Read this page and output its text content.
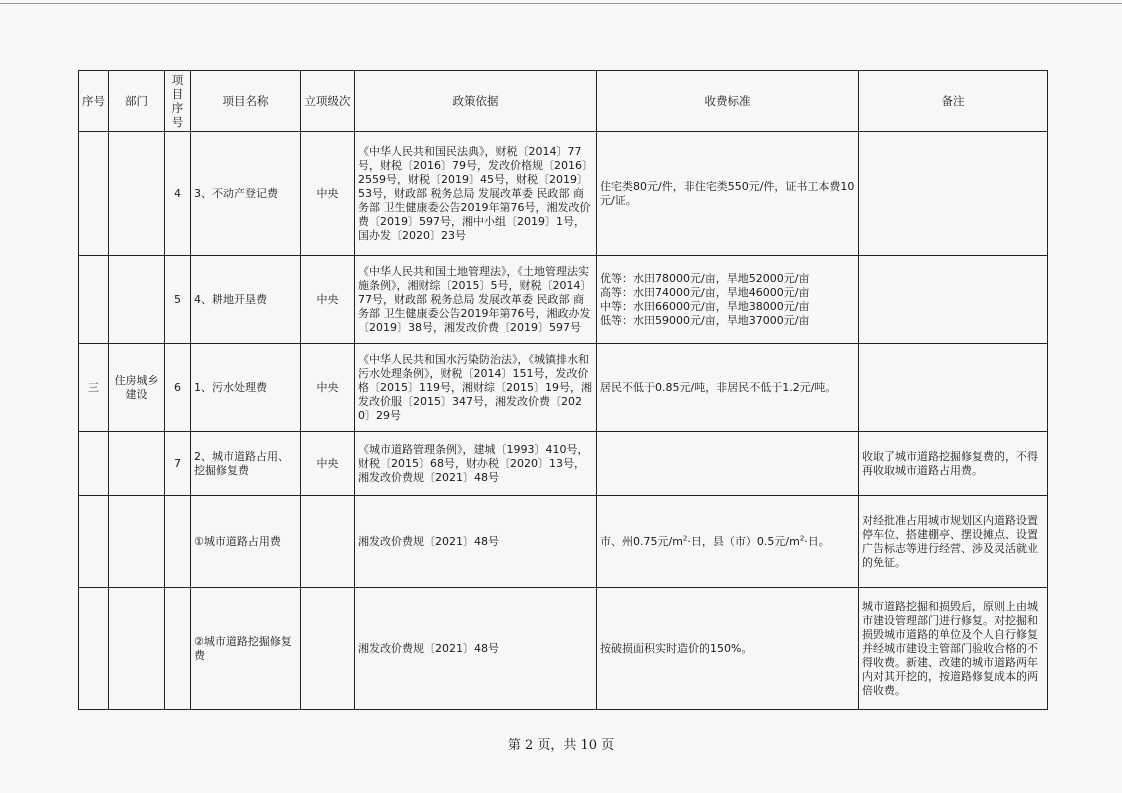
序号	部门	项目序号	项目名称	立项级次	政策依据	收费标准	备注
		4	3、不动产登记费	中央	《中华人民共和国民法典》，财税〔2014〕77号，财税〔2016〕79号，发改价格规〔2016〕2559号，财税〔2019〕45号，财税〔2019〕53号，财政部 税务总局 发展改革委 民政部 商务部 卫生健康委公告2019年第76号，湘发改价费〔2019〕597号，湘中小组〔2019〕1号，国办发〔2020〕23号	住宅类80元/件，非住宅类550元/件，证书工本费10元/证。	
		5	4、耕地开垦费	中央	《中华人民共和国土地管理法》，《土地管理法实施条例》，湘财综〔2015〕5号，财税〔2014〕77号，财政部 税务总局 发展改革委 民政部 商务部 卫生健康委公告2019年第76号，湘政办发〔2019〕38号，湘发改价费〔2019〕597号	优等：水田78000元/亩，旱地52000元/亩
高等：水田74000元/亩，旱地46000元/亩
中等：水田66000元/亩，旱地38000元/亩
低等：水田59000元/亩，旱地37000元/亩	

三	住房城乡建设	6	1、污水处理费	中央	《中华人民共和国水污染防治法》，《城镇排水和污水处理条例》，财税〔2014〕151号，发改价格〔2015〕119号，湘财综〔2015〕19号，湘发改价服〔2015〕347号，湘发改价费〔2020〕29号	居民不低于0.85元/吨，非居民不低于1.2元/吨。	
		7	2、城市道路占用、挖掘修复费	中央	《城市道路管理条例》，建城〔1993〕410号，财税〔2015〕68号，财办税〔2020〕13号，湘发改价费规〔2021〕48号		收取了城市道路挖掘修复费的，不得再收取城市道路占用费。
			①城市道路占用费		湘发改价费规〔2021〕48号	市、州0.75元$/m^2\cdot$日，县（市）0.5元$/m^2\cdot$日。	对经批准占用城市规划区内道路设置停车位、搭建棚亭、摆设摊点、设置广告标志等进行经营、涉及灵活就业的免征。
			②城市道路挖掘修复费		湘发改价费规〔2021〕48号	按破损面积实时造价的150%。	城市道路挖掘和损毁后，原则上由城市建设管理部门进行修复。对挖掘和损毁城市道路的单位及个人自行修复并经城市建设主管部门验收合格的不得收费。新建、改建的城市道路两年内对其开挖的，按道路修复成本的两倍收费。
第 2 页，共 10 页
